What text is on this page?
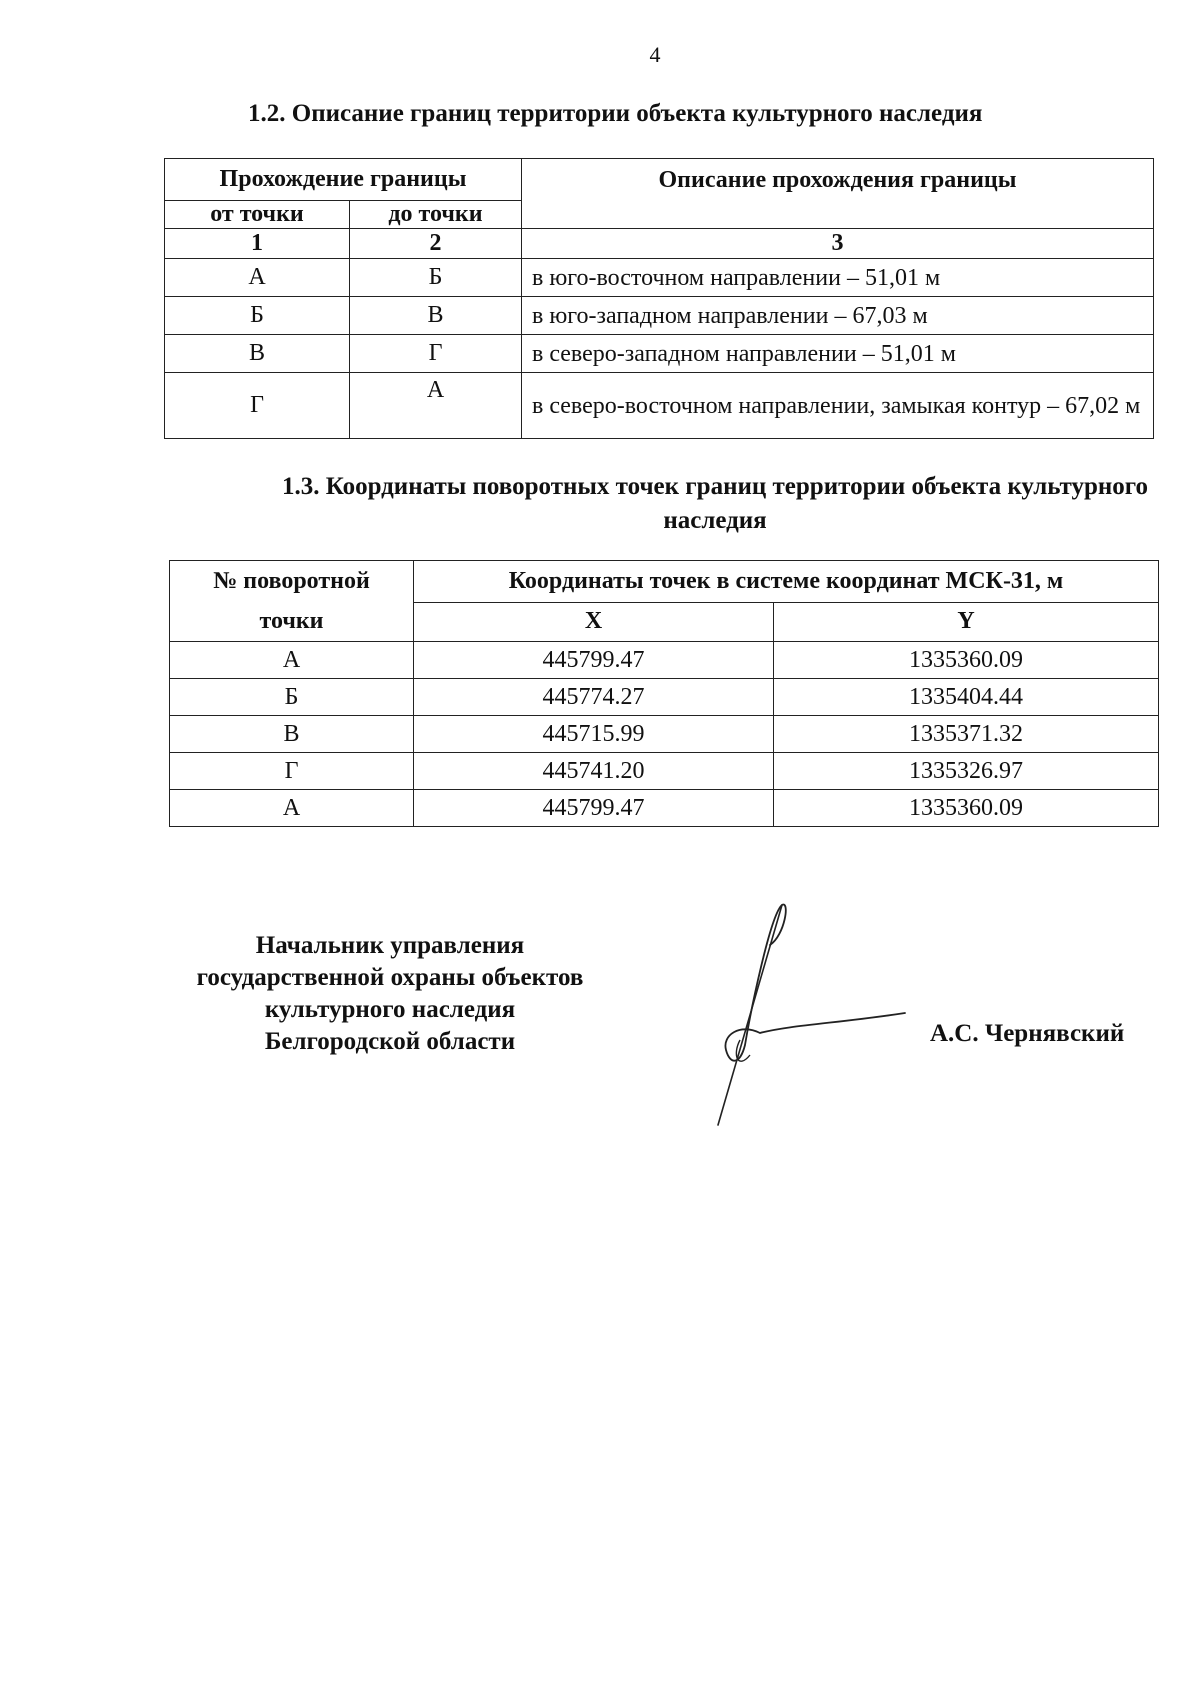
4
1.2. Описание границ территории объекта культурного наследия
Прохождение границы		Описание прохождения границы
от точки	до точки	
1	2	3
А	Б	в юго-восточном направлении – 51,01 м
Б	В	в юго-западном направлении – 67,03 м
В	Г	в северо-западном направлении – 51,01 м
Г	А	в северо-восточном направлении, замыкая контур – 67,02 м
1.3. Координаты поворотных точек границ территории объекта культурного наследия
№ поворотной точки	Координаты точек в системе координат МСК-31, м	
	X	Y
А	445799.47	1335360.09
Б	445774.27	1335404.44
В	445715.99	1335371.32
Г	445741.20	1335326.97
А	445799.47	1335360.09
Начальник управления
государственной охраны объектов
культурного наследия
Белгородской области	А.С. Чернявский
